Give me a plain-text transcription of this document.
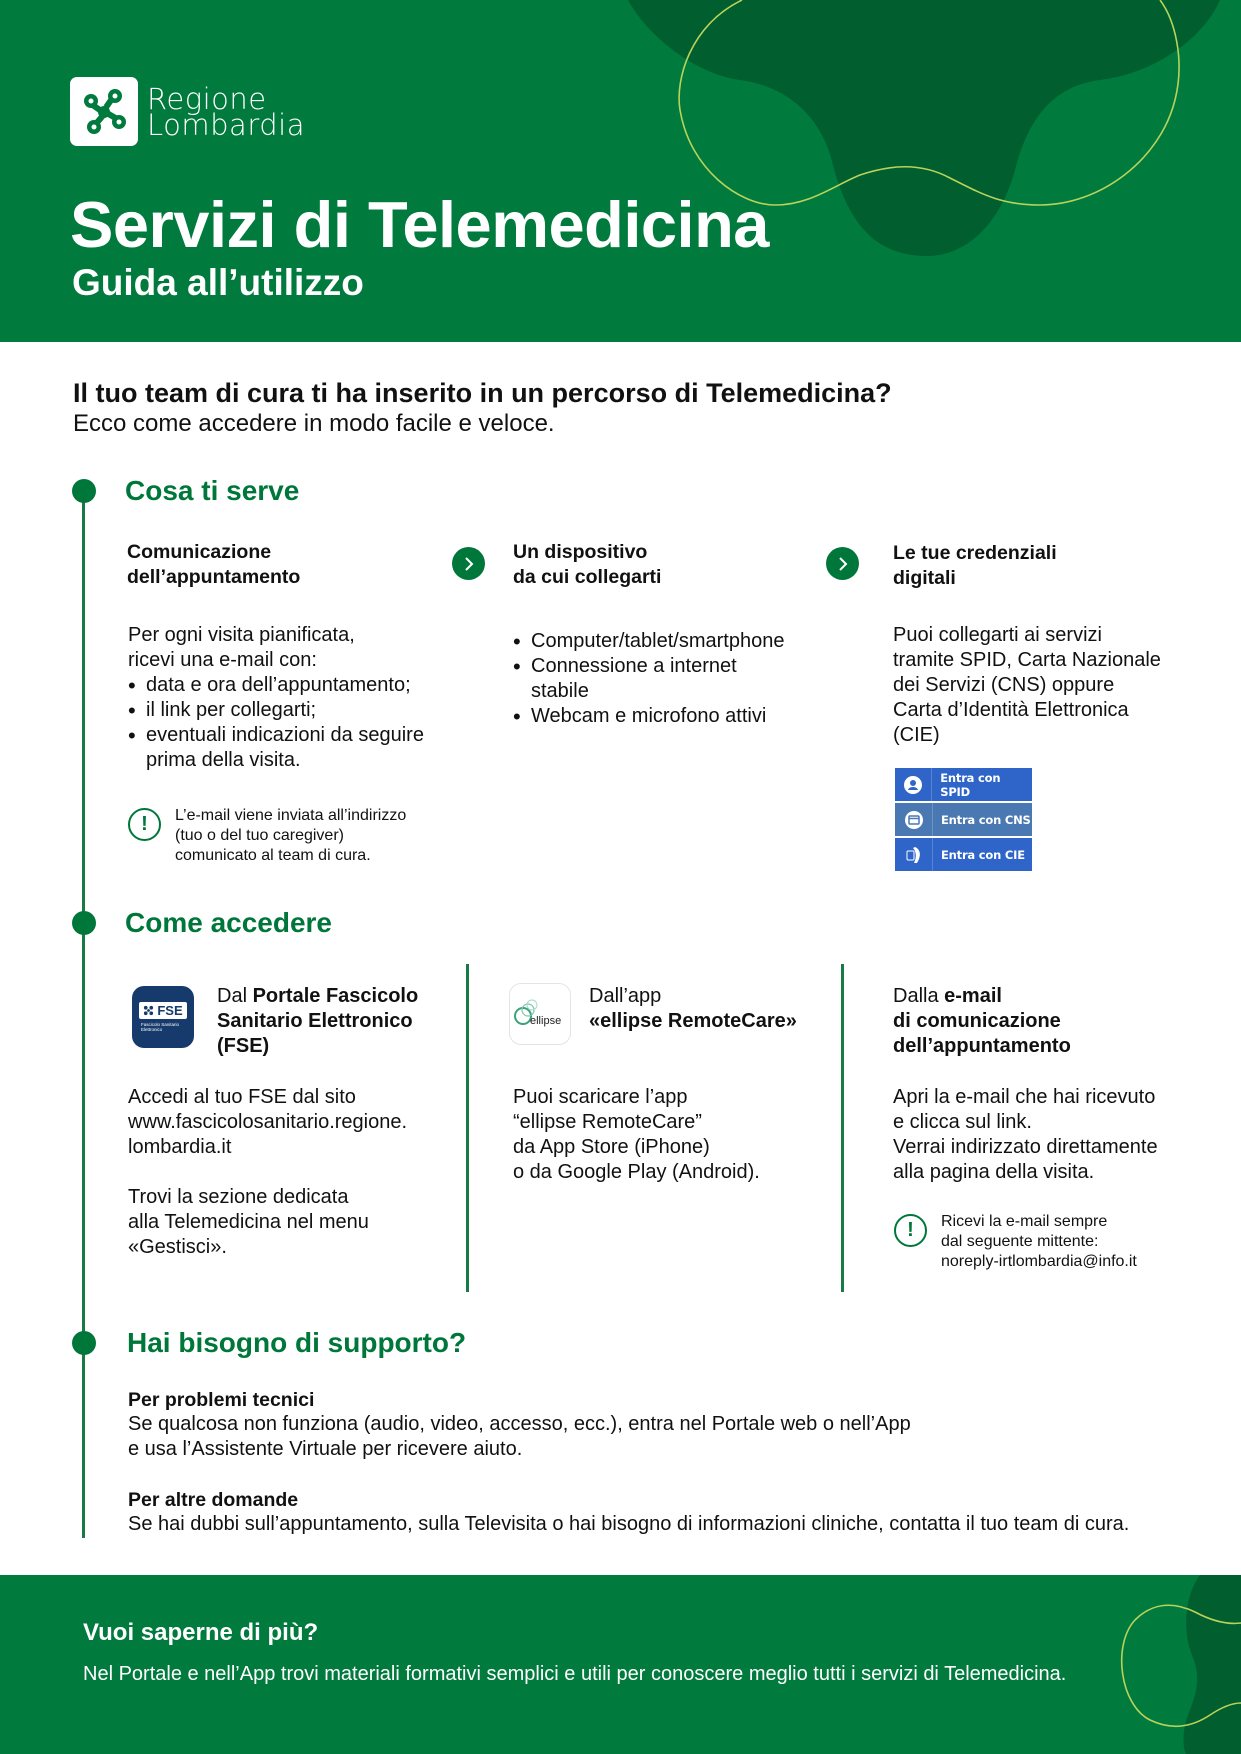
Regione
Lombardia
Servizi di Telemedicina
Guida all’utilizzo
Il tuo team di cura ti ha inserito in un percorso di Telemedicina?
Ecco come accedere in modo facile e veloce.
Cosa ti serve
Comunicazione
dell’appuntamento
Per ogni visita pianificata,
ricevi una e-mail con:
• data e ora dell’appuntamento;
• il link per collegarti;
• eventuali indicazioni da seguire prima della visita.
!	L’e-mail viene inviata all’indirizzo
(tuo o del tuo caregiver)
comunicato al team di cura.
Un dispositivo
da cui collegarti
• Computer/tablet/smartphone
• Connessione a internet stabile
• Webcam e microfono attivi
Le tue credenziali
digitali
Puoi collegarti ai servizi
tramite SPID, Carta Nazionale
dei Servizi (CNS) oppure
Carta d’Identità Elettronica
(CIE)
Entra con SPID
Entra con CNS
Entra con CIE
Come accedere
FSE
Fascicolo Sanitario Elettronico
Dal Portale Fascicolo
Sanitario Elettronico
(FSE)
Accedi al tuo FSE dal sito
www.fascicolosanitario.regione.
lombardia.it
Trovi la sezione dedicata
alla Telemedicina nel menu
«Gestisci».
ellipse
Dall’app
«ellipse RemoteCare»
Puoi scaricare l’app
“ellipse RemoteCare”
da App Store (iPhone)
o da Google Play (Android).
Dalla e-mail
di comunicazione
dell’appuntamento
Apri la e-mail che hai ricevuto
e clicca sul link.
Verrai indirizzato direttamente
alla pagina della visita.
!	Ricevi la e-mail sempre
dal seguente mittente:
noreply-irtlombardia@info.it
Hai bisogno di supporto?
Per problemi tecnici
Se qualcosa non funziona (audio, video, accesso, ecc.), entra nel Portale web o nell’App
e usa l’Assistente Virtuale per ricevere aiuto.
Per altre domande
Se hai dubbi sull’appuntamento, sulla Televisita o hai bisogno di informazioni cliniche, contatta il tuo team di cura.
Vuoi saperne di più?
Nel Portale e nell’App trovi materiali formativi semplici e utili per conoscere meglio tutti i servizi di Telemedicina.
